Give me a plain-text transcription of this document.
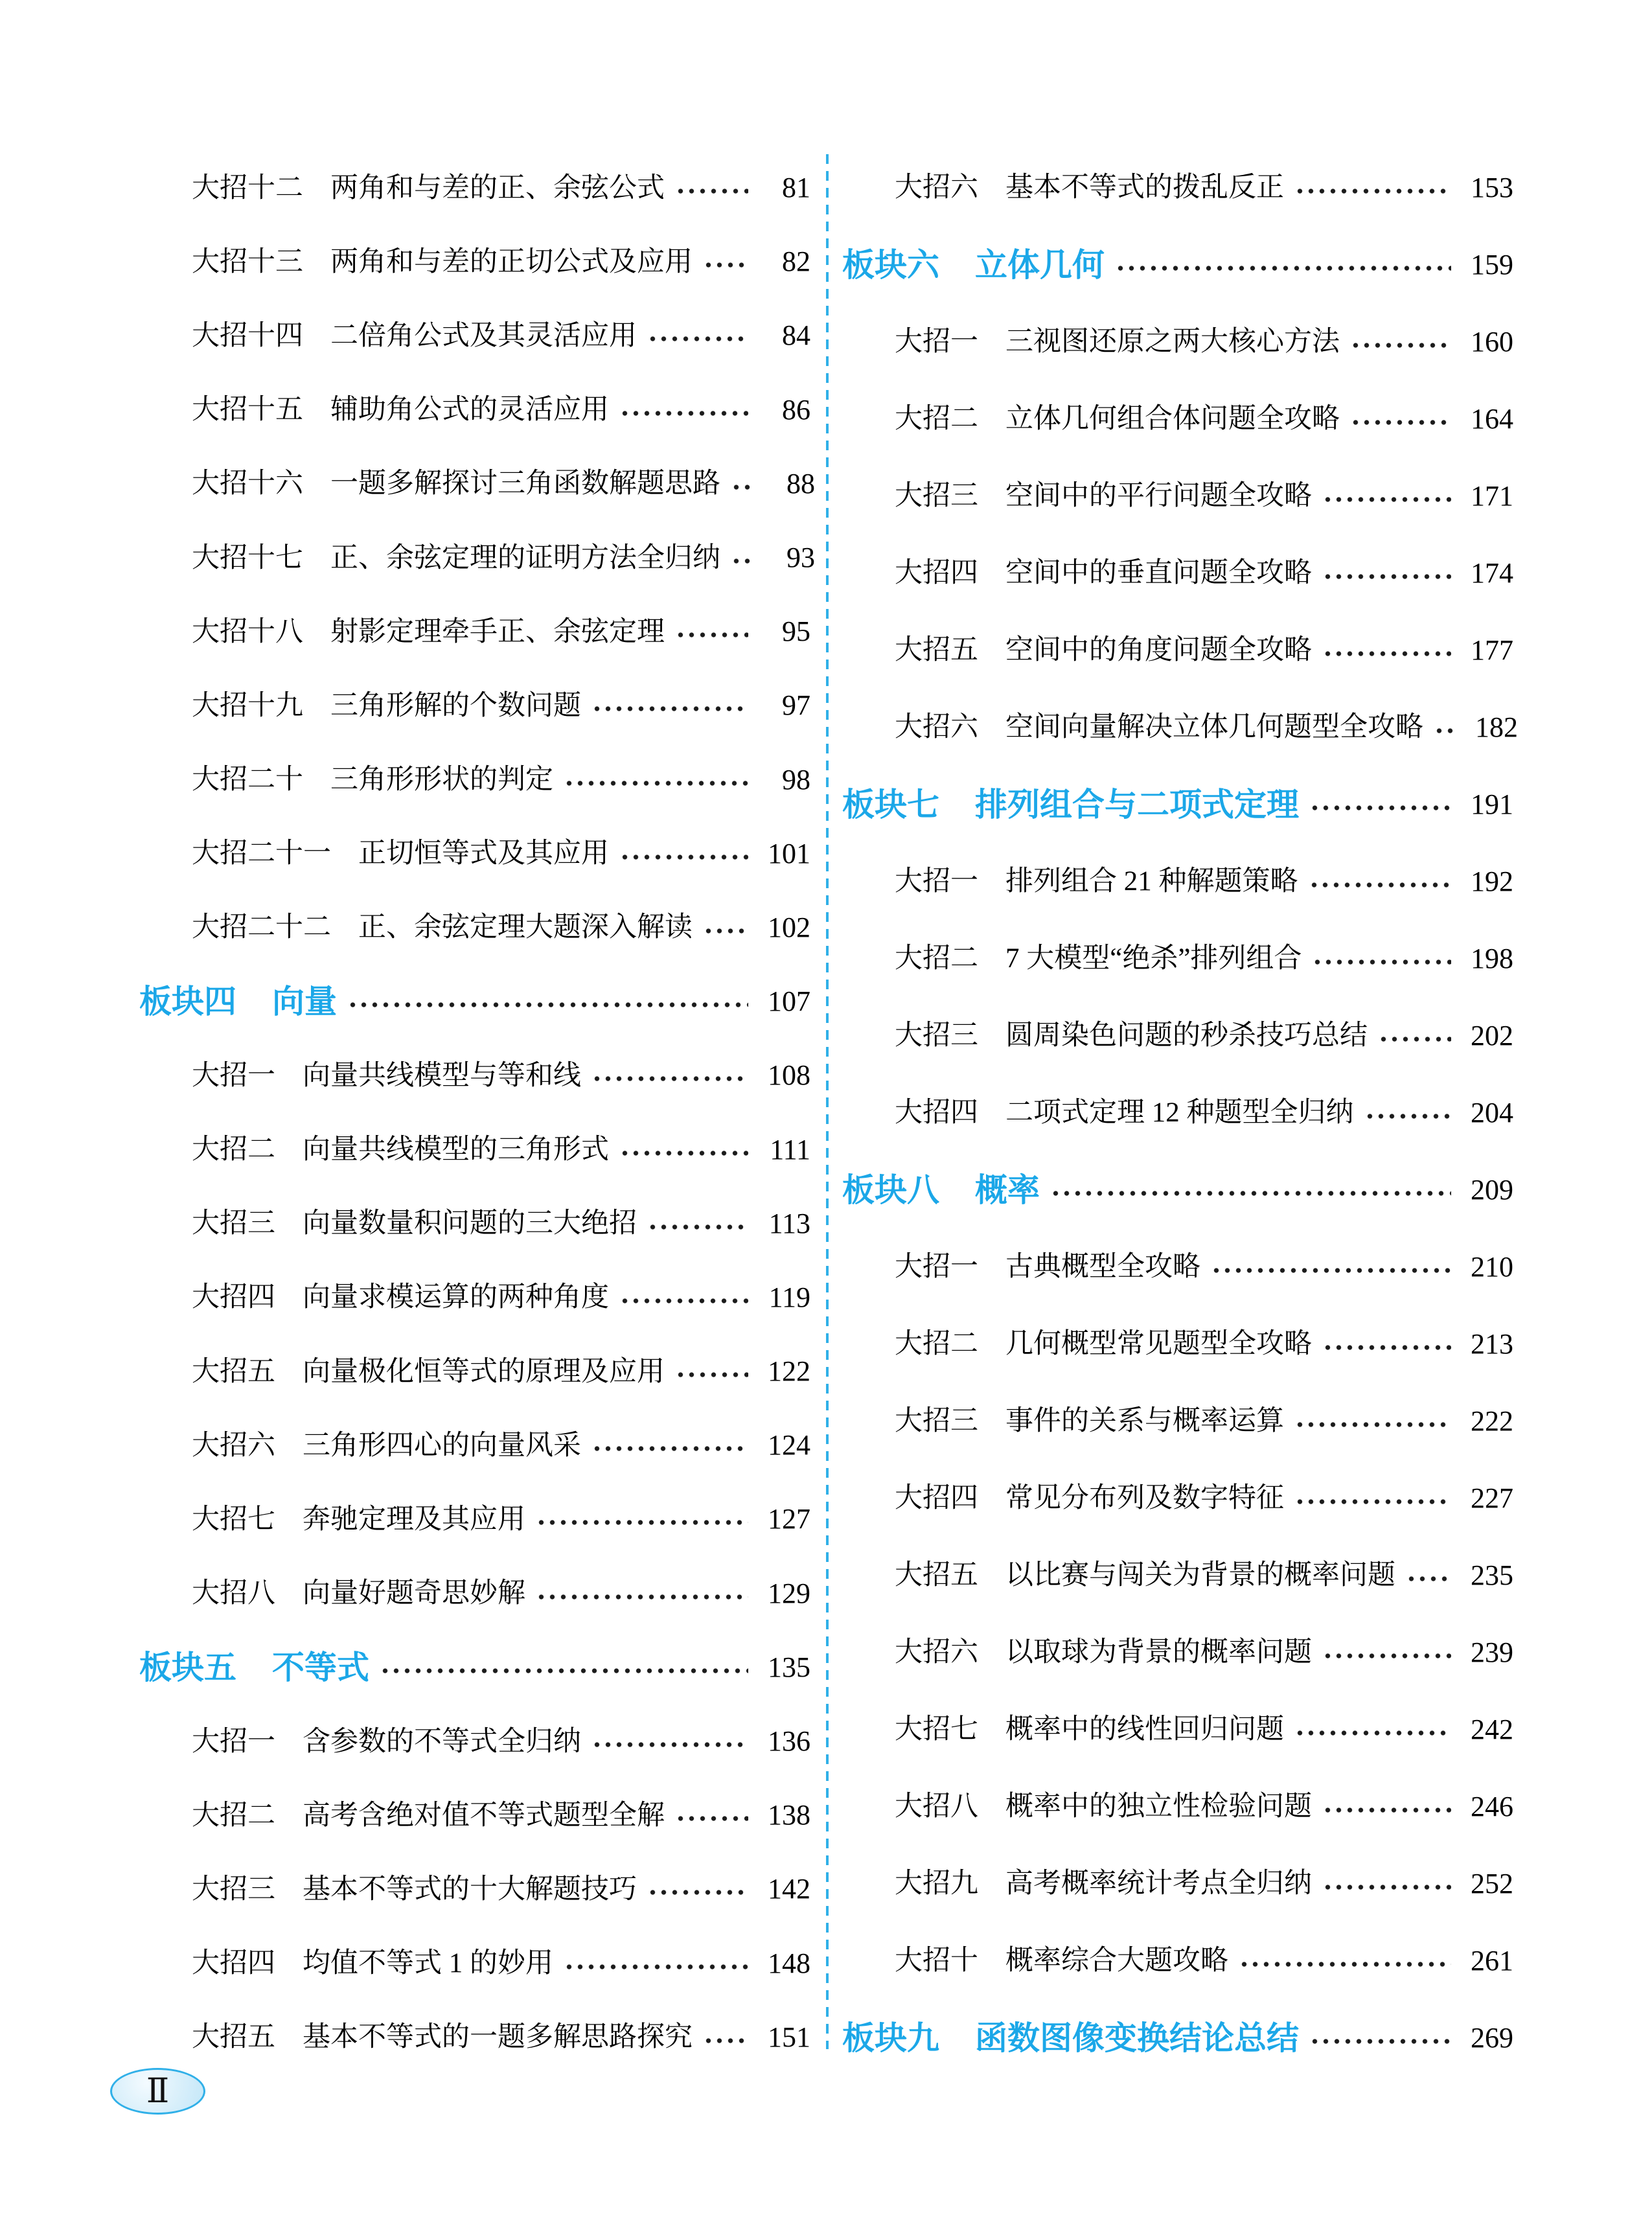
大招十二 两角和与差的正、余弦公式	81
大招十三 两角和与差的正切公式及应用	82
大招十四 二倍角公式及其灵活应用	84
大招十五 辅助角公式的灵活应用	86
大招十六 一题多解探讨三角函数解题思路	88
大招十七 正、余弦定理的证明方法全归纳	93
大招十八 射影定理牵手正、余弦定理	95
大招十九 三角形解的个数问题	97
大招二十 三角形形状的判定	98
大招二十一 正切恒等式及其应用	101
大招二十二 正、余弦定理大题深入解读	102
板块四 向量	107
大招一 向量共线模型与等和线	108
大招二 向量共线模型的三角形式	111
大招三 向量数量积问题的三大绝招	113
大招四 向量求模运算的两种角度	119
大招五 向量极化恒等式的原理及应用	122
大招六 三角形四心的向量风采	124
大招七 奔驰定理及其应用	127
大招八 向量好题奇思妙解	129
板块五 不等式	135
大招一 含参数的不等式全归纳	136
大招二 高考含绝对值不等式题型全解	138
大招三 基本不等式的十大解题技巧	142
大招四 均值不等式 1 的妙用	148
大招五 基本不等式的一题多解思路探究	151
大招六 基本不等式的拨乱反正	153
板块六 立体几何	159
大招一 三视图还原之两大核心方法	160
大招二 立体几何组合体问题全攻略	164
大招三 空间中的平行问题全攻略	171
大招四 空间中的垂直问题全攻略	174
大招五 空间中的角度问题全攻略	177
大招六 空间向量解决立体几何题型全攻略	182
板块七 排列组合与二项式定理	191
大招一 排列组合 21 种解题策略	192
大招二 7 大模型“绝杀”排列组合	198
大招三 圆周染色问题的秒杀技巧总结	202
大招四 二项式定理 12 种题型全归纳	204
板块八 概率	209
大招一 古典概型全攻略	210
大招二 几何概型常见题型全攻略	213
大招三 事件的关系与概率运算	222
大招四 常见分布列及数字特征	227
大招五 以比赛与闯关为背景的概率问题	235
大招六 以取球为背景的概率问题	239
大招七 概率中的线性回归问题	242
大招八 概率中的独立性检验问题	246
大招九 高考概率统计考点全归纳	252
大招十 概率综合大题攻略	261
板块九 函数图像变换结论总结	269
Ⅱ
